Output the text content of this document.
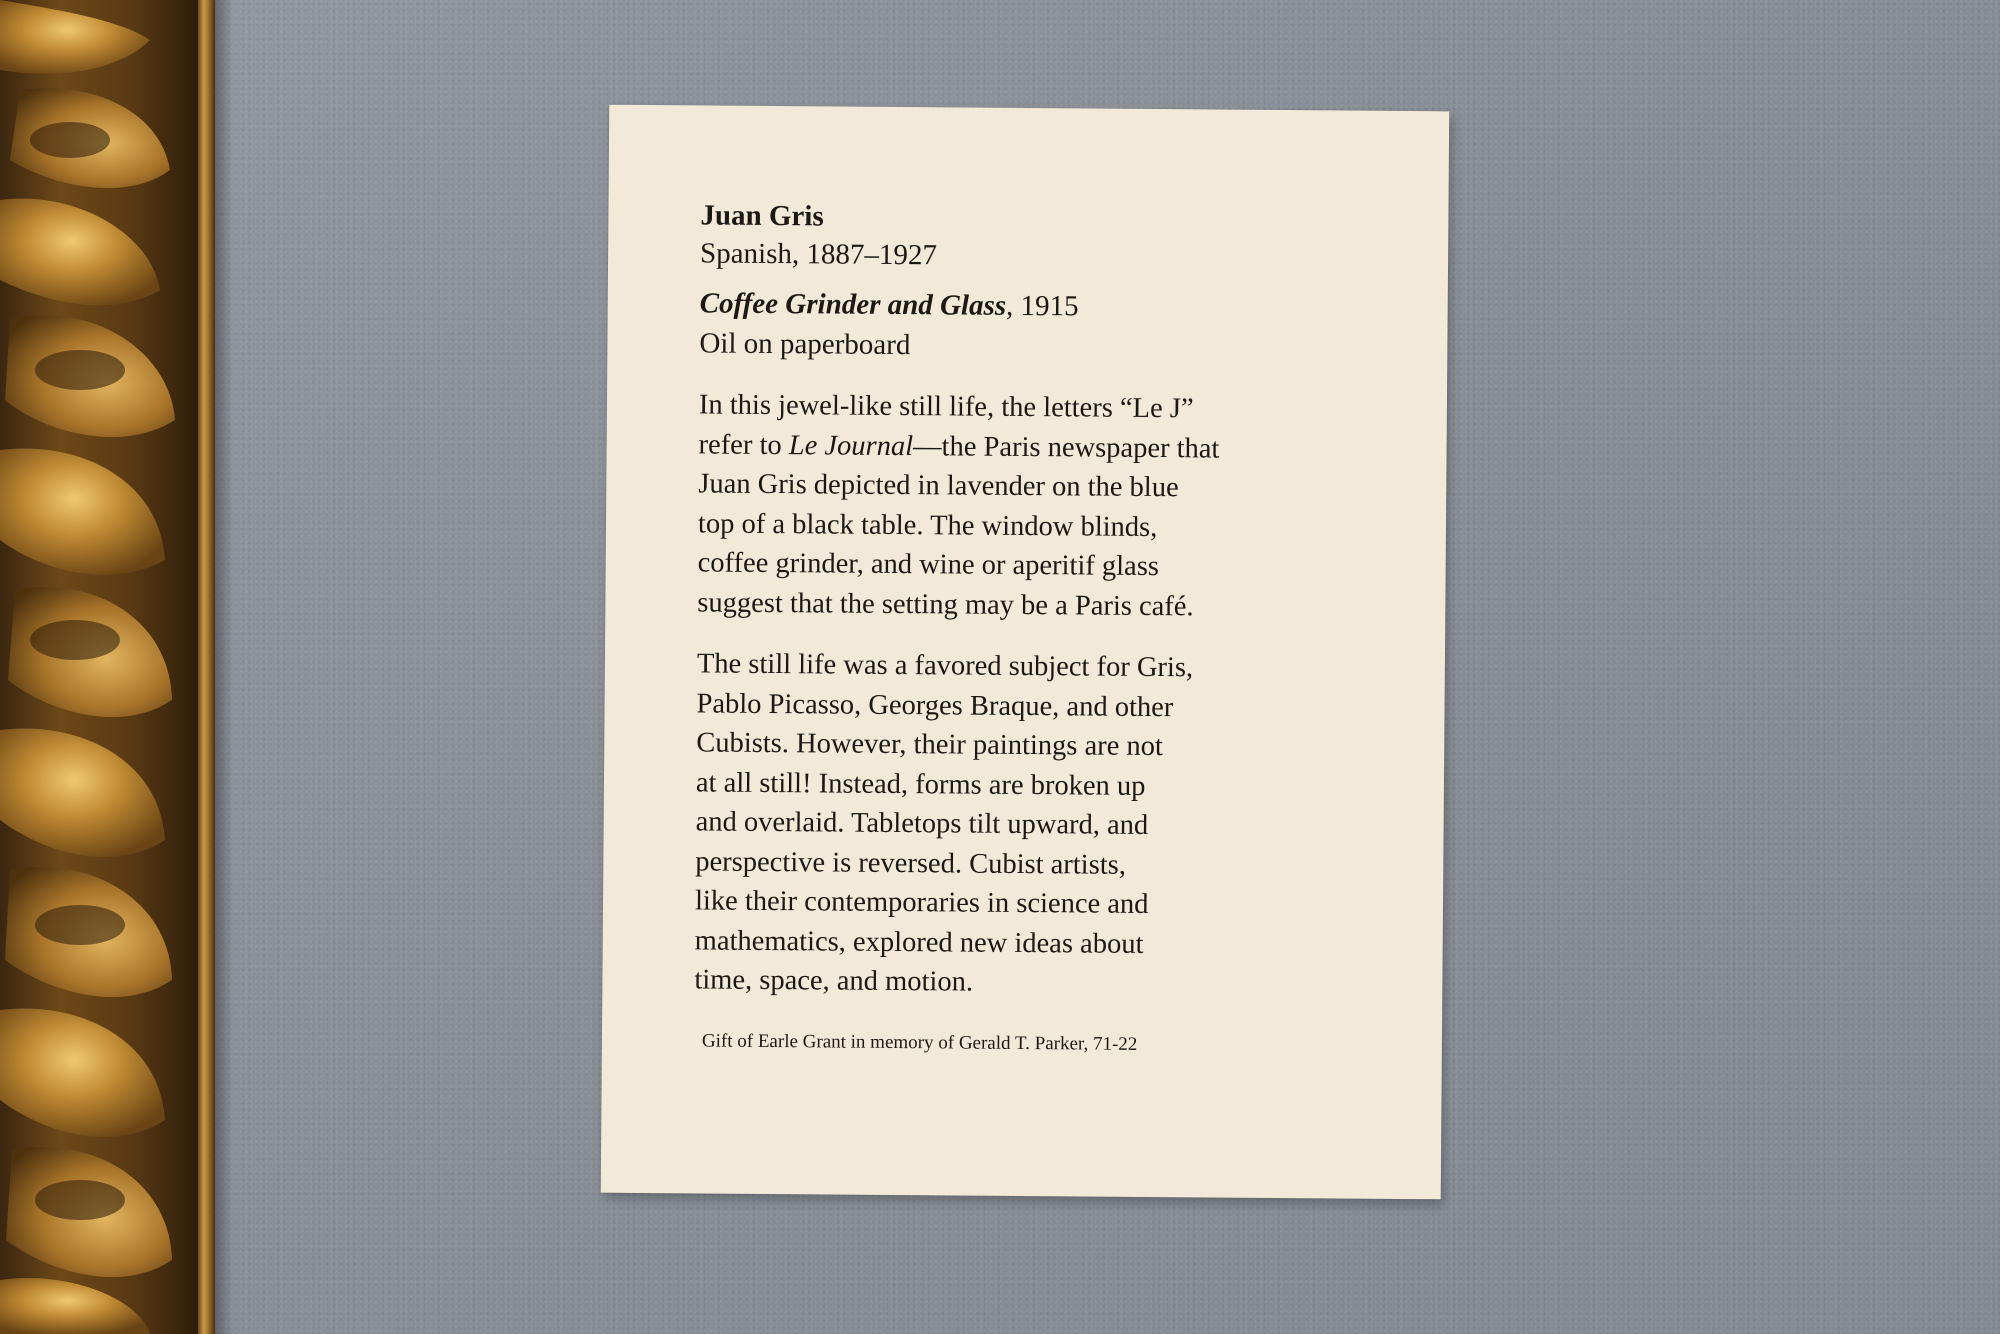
Juan Gris

Spanish, 1887–1927

Coffee Grinder and Glass, 1915

Oil on paperboard

In this jewel-like still life, the letters “Le J”
refer to Le Journal—the Paris newspaper that
Juan Gris depicted in lavender on the blue
top of a black table. The window blinds,
coffee grinder, and wine or aperitif glass
suggest that the setting may be a Paris café.
The still life was a favored subject for Gris,
Pablo Picasso, Georges Braque, and other
Cubists. However, their paintings are not
at all still! Instead, forms are broken up
and overlaid. Tabletops tilt upward, and
perspective is reversed. Cubist artists,
like their contemporaries in science and
mathematics, explored new ideas about
time, space, and motion.

Gift of Earle Grant in memory of Gerald T. Parker, 71-22
